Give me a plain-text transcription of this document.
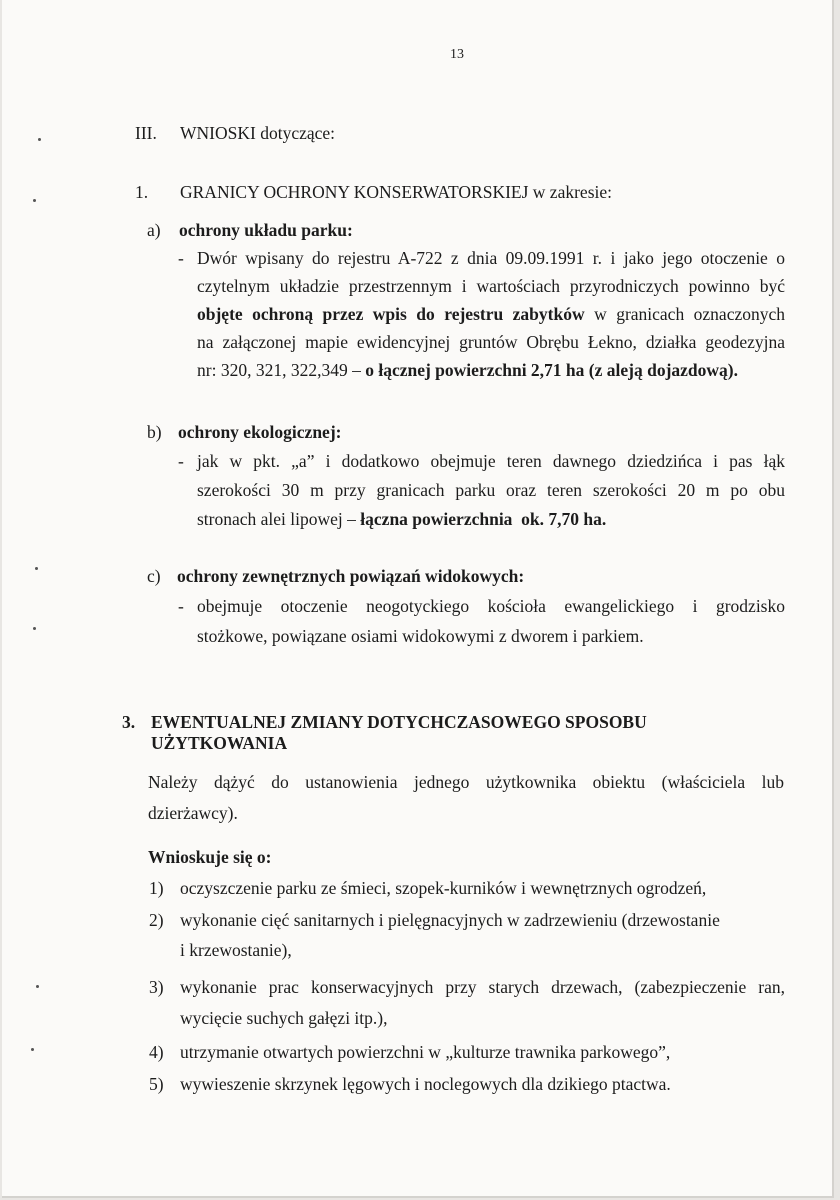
13
III. WNIOSKI dotyczące:
1. GRANICY OCHRONY KONSERWATORSKIEJ w zakresie:
a) ochrony układu parku:
- Dwór wpisany do rejestru A-722 z dnia 09.09.1991 r. i jako jego otoczenie o
czytelnym układzie przestrzennym i wartościach przyrodniczych powinno być
objęte ochroną przez wpis do rejestru zabytków w granicach oznaczonych
na załączonej mapie ewidencyjnej gruntów Obrębu Łekno, działka geodezyjna
nr: 320, 321, 322,349 – o łącznej powierzchni 2,71 ha (z aleją dojazdową).
b) ochrony ekologicznej:
- jak w pkt. „a” i dodatkowo obejmuje teren dawnego dziedzińca i pas łąk
szerokości 30 m przy granicach parku oraz teren szerokości 20 m po obu
stronach alei lipowej – łączna powierzchnia  ok. 7,70 ha.
c) ochrony zewnętrznych powiązań widokowych:
- obejmuje otoczenie neogotyckiego kościoła ewangelickiego i grodzisko
stożkowe, powiązane osiami widokowymi z dworem i parkiem.
3. EWENTUALNEJ ZMIANY DOTYCHCZASOWEGO SPOSOBU
UŻYTKOWANIA
Należy dążyć do ustanowienia jednego użytkownika obiektu (właściciela lub
dzierżawcy).
Wnioskuje się o:
1) oczyszczenie parku ze śmieci, szopek-kurników i wewnętrznych ogrodzeń,
2) wykonanie cięć sanitarnych i pielęgnacyjnych w zadrzewieniu (drzewostanie
i krzewostanie),
3) wykonanie prac konserwacyjnych przy starych drzewach, (zabezpieczenie ran,
wycięcie suchych gałęzi itp.),
4) utrzymanie otwartych powierzchni w „kulturze trawnika parkowego”,
5) wywieszenie skrzynek lęgowych i noclegowych dla dzikiego ptactwa.
